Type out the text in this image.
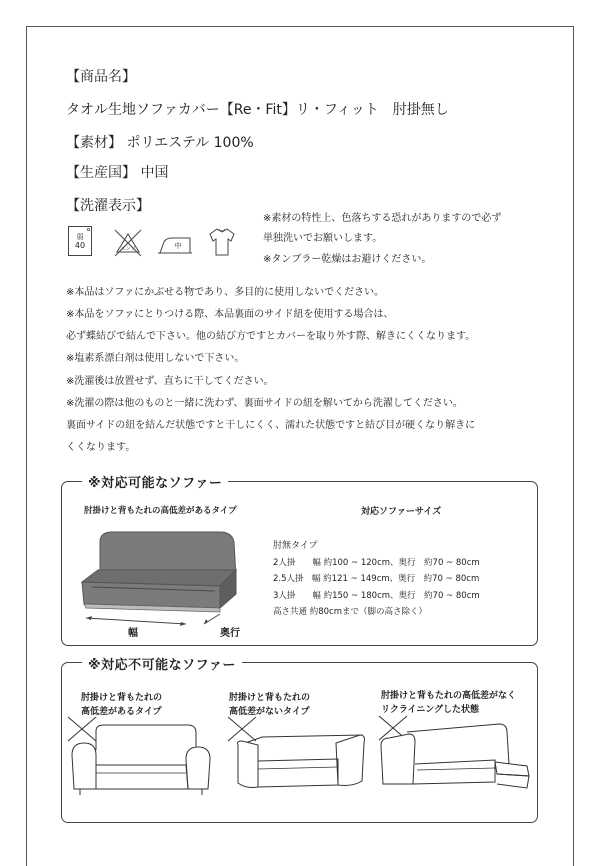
【商品名】
タオル生地ソファカバー【Re・Fit】リ・フィット　肘掛無し
【素材】 ポリエステル 100%
【生産国】 中国
【洗濯表示】
弱
40	エンソ	中
※素材の特性上、色落ちする恐れがありますので必ず
単独洗いでお願いします。
※タンブラー乾燥はお避けください。
※本品はソファにかぶせる物であり、多目的に使用しないでください。
※本品をソファにとりつける際、本品裏面のサイド紐を使用する場合は、
必ず蝶結びで結んで下さい。他の結び方ですとカバーを取り外す際、解きにくくなります。
※塩素系漂白剤は使用しないで下さい。
※洗濯後は放置せず、直ちに干してください。
※洗濯の際は他のものと一緒に洗わず、裏面サイドの紐を解いてから洗濯してください。
裏面サイドの紐を結んだ状態ですと干しにくく、濡れた状態ですと結び目が硬くなり解きに
くくなります。
※対応可能なソファー
肘掛けと背もたれの高低差があるタイプ
幅	奥行
対応ソファーサイズ
肘無タイプ
2人掛　　幅 約100 ~ 120cm、奥行　約70 ~ 80cm
2.5人掛　幅 約121 ~ 149cm、奥行　約70 ~ 80cm
3人掛　　幅 約150 ~ 180cm、奥行　約70 ~ 80cm
高さ共通 約80cmまで（脚の高さ除く）
※対応不可能なソファー
肘掛けと背もたれの
高低差があるタイプ
肘掛けと背もたれの
高低差がないタイプ
肘掛けと背もたれの高低差がなく
リクライニングした状態
